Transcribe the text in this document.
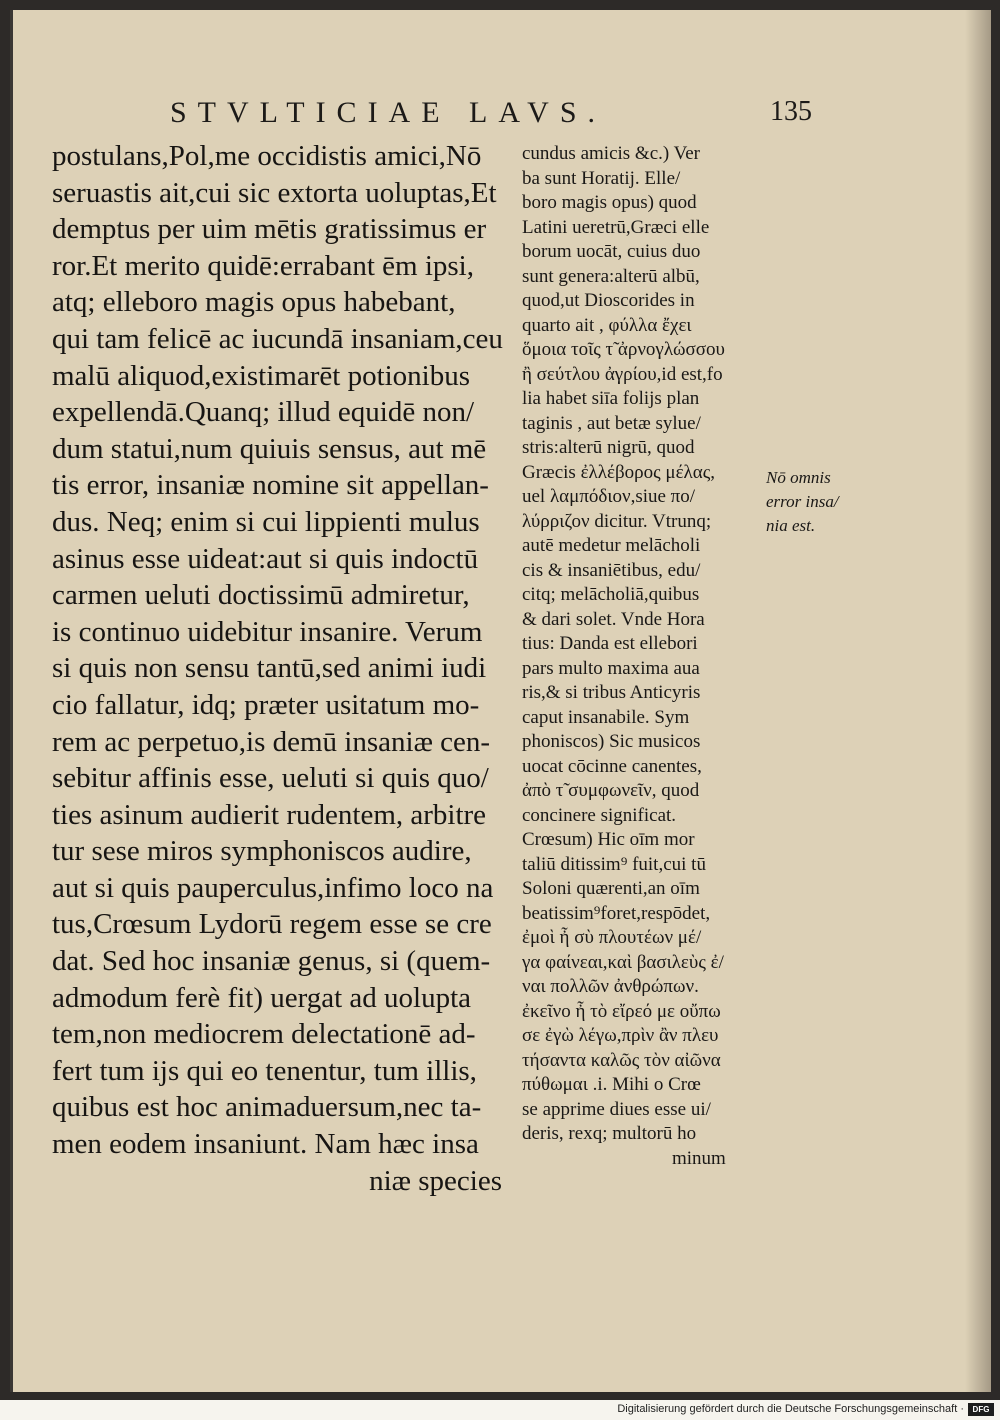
STVLTICIAE LAVS.	135
postulans,Pol,me occidistis amici,Nō
seruastis ait,cui sic extorta uoluptas,Et
demptus per uim mētis gratissimus er
ror.Et merito quidē:errabant ēm ipsi,
atq; elleboro magis opus habebant,
qui tam felicē ac iucundā insaniam,ceu
malū aliquod,existimarēt potionibus
expellendā.Quanq; illud equidē non/
dum statui,num quiuis sensus, aut mē
tis error, insaniæ nomine sit appellan-
dus. Neq; enim si cui lippienti mulus
asinus esse uideat:aut si quis indoctū
carmen ueluti doctissimū admiretur,
is continuo uidebitur insanire. Verum
si quis non sensu tantū,sed animi iudi
cio fallatur, idq; præter usitatum mo-
rem ac perpetuo,is demū insaniæ cen-
sebitur affinis esse, ueluti si quis quo/
ties asinum audierit rudentem, arbitre
tur sese miros symphoniscos audire,
aut si quis pauperculus,infimo loco na
tus,Crœsum Lydorū regem esse se cre
dat. Sed hoc insaniæ genus, si (quem-
admodum ferè fit) uergat ad uolupta
tem,non mediocrem delectationē ad-
fert tum ijs qui eo tenentur, tum illis,
quibus est hoc animaduersum,nec ta-
men eodem insaniunt. Nam hæc insa
niæ species
cundus amicis &c.) Ver
ba sunt Horatij. Elle/
boro magis opus) quod
Latini ueretrū,Græci elle
borum uocāt, cuius duo
sunt genera:alterū albū,
quod,ut Dioscorides in
quarto ait , φύλλα ἔχει
ὅμοια τοῖς τ̃ ἀρνογλώσσου
ἢ σεύτλου ἀγρίου,id est,fo
lia habet siīa folijs plan
taginis , aut betæ sylue/
stris:alterū nigrū, quod
Græcis ἐλλέβορος μέλας,
uel λαμπόδιον,siue πο/
λύρριζον dicitur. Vtrunq;
autē medetur melācholi
cis & insaniētibus, edu/
citq; melācholiā,quibus
& dari solet. Vnde Hora
tius: Danda est ellebori
pars multo maxima aua
ris,& si tribus Anticyris
caput insanabile. Sym
phoniscos) Sic musicos
uocat cōcinne canentes,
ἀπὸ τ̃ συμφωνεῖν, quod
concinere significat.
Crœsum) Hic oīm mor
taliū ditissim⁹ fuit,cui tū
Soloni quærenti,an oīm
beatissim⁹foret,respōdet,
ἐμοὶ ἦ σὺ πλουτέων μέ/
γα φαίνεαι,καὶ βασιλεὺς ἐ/
ναι πολλῶν ἀνθρώπων.
ἐκεῖνο ἦ τὸ εἴρεό με οὔπω
σε ἐγὼ λέγω,πρὶν ἂν πλευ
τήσαντα καλῶς τὸν αἰῶνα
πύθωμαι .i. Mihi o Crœ
se apprime diues esse ui/
deris, rexq; multorū ho
minum
Nō omnis
error insa/
nia est.
Digitalisierung gefördert durch die Deutsche Forschungsgemeinschaft ·	DFG
